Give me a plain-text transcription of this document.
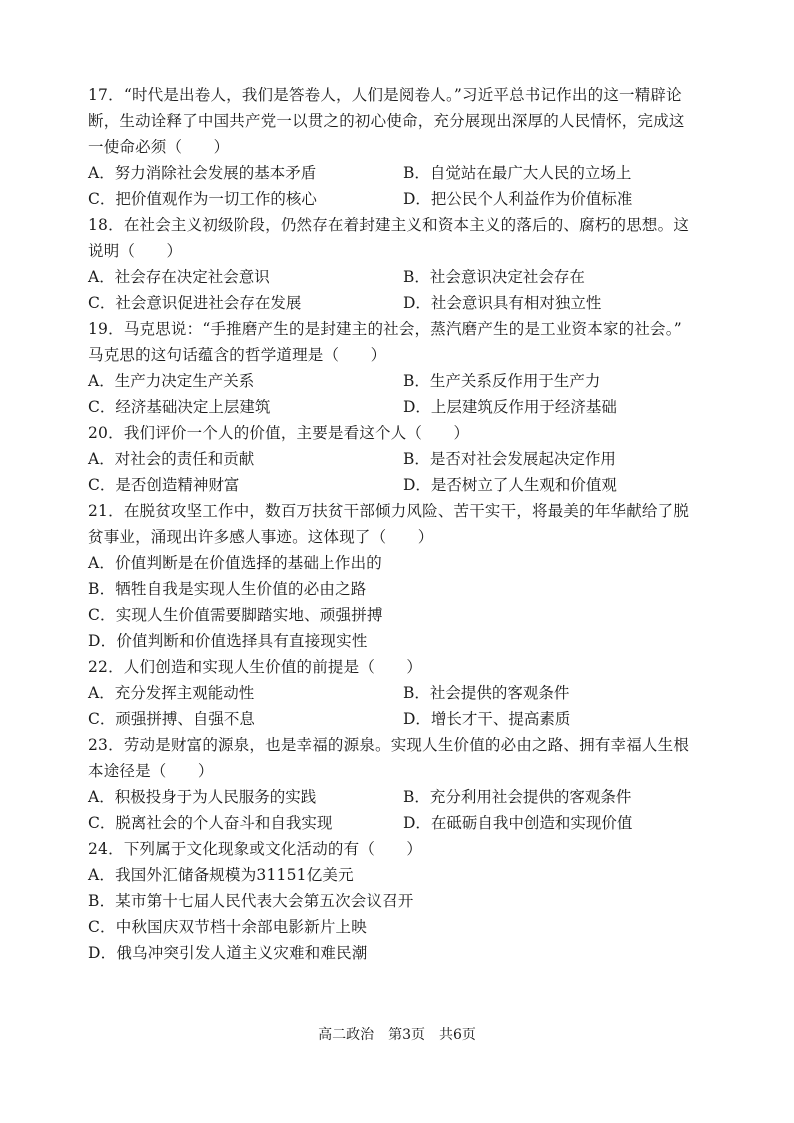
17．“时代是出卷人，我们是答卷人，人们是阅卷人。”习近平总书记作出的这一精辟论
断，生动诠释了中国共产党一以贯之的初心使命，充分展现出深厚的人民情怀，完成这
一使命必须（　　）
A．努力消除社会发展的基本矛盾	B．自觉站在最广大人民的立场上
C．把价值观作为一切工作的核心	D．把公民个人利益作为价值标准
18．在社会主义初级阶段，仍然存在着封建主义和资本主义的落后的、腐朽的思想。这
说明（　　）
A．社会存在决定社会意识	B．社会意识决定社会存在
C．社会意识促进社会存在发展	D．社会意识具有相对独立性
19．马克思说：“手推磨产生的是封建主的社会，蒸汽磨产生的是工业资本家的社会。”
马克思的这句话蕴含的哲学道理是（　　）
A．生产力决定生产关系	B．生产关系反作用于生产力
C．经济基础决定上层建筑	D．上层建筑反作用于经济基础
20．我们评价一个人的价值，主要是看这个人（　　）
A．对社会的责任和贡献	B．是否对社会发展起决定作用
C．是否创造精神财富	D．是否树立了人生观和价值观
21．在脱贫攻坚工作中，数百万扶贫干部倾力风险、苦干实干，将最美的年华献给了脱
贫事业，涌现出许多感人事迹。这体现了（　　）
A．价值判断是在价值选择的基础上作出的
B．牺牲自我是实现人生价值的必由之路
C．实现人生价值需要脚踏实地、顽强拼搏
D．价值判断和价值选择具有直接现实性
22．人们创造和实现人生价值的前提是（　　）
A．充分发挥主观能动性	B．社会提供的客观条件
C．顽强拼搏、自强不息	D．增长才干、提高素质
23．劳动是财富的源泉，也是幸福的源泉。实现人生价值的必由之路、拥有幸福人生根
本途径是（　　）
A．积极投身于为人民服务的实践	B．充分利用社会提供的客观条件
C．脱离社会的个人奋斗和自我实现	D．在砥砺自我中创造和实现价值
24．下列属于文化现象或文化活动的有（　　）
A．我国外汇储备规模为31151亿美元
B．某市第十七届人民代表大会第五次会议召开
C．中秋国庆双节档十余部电影新片上映
D．俄乌冲突引发人道主义灾难和难民潮
高二政治　第3页　共6页
